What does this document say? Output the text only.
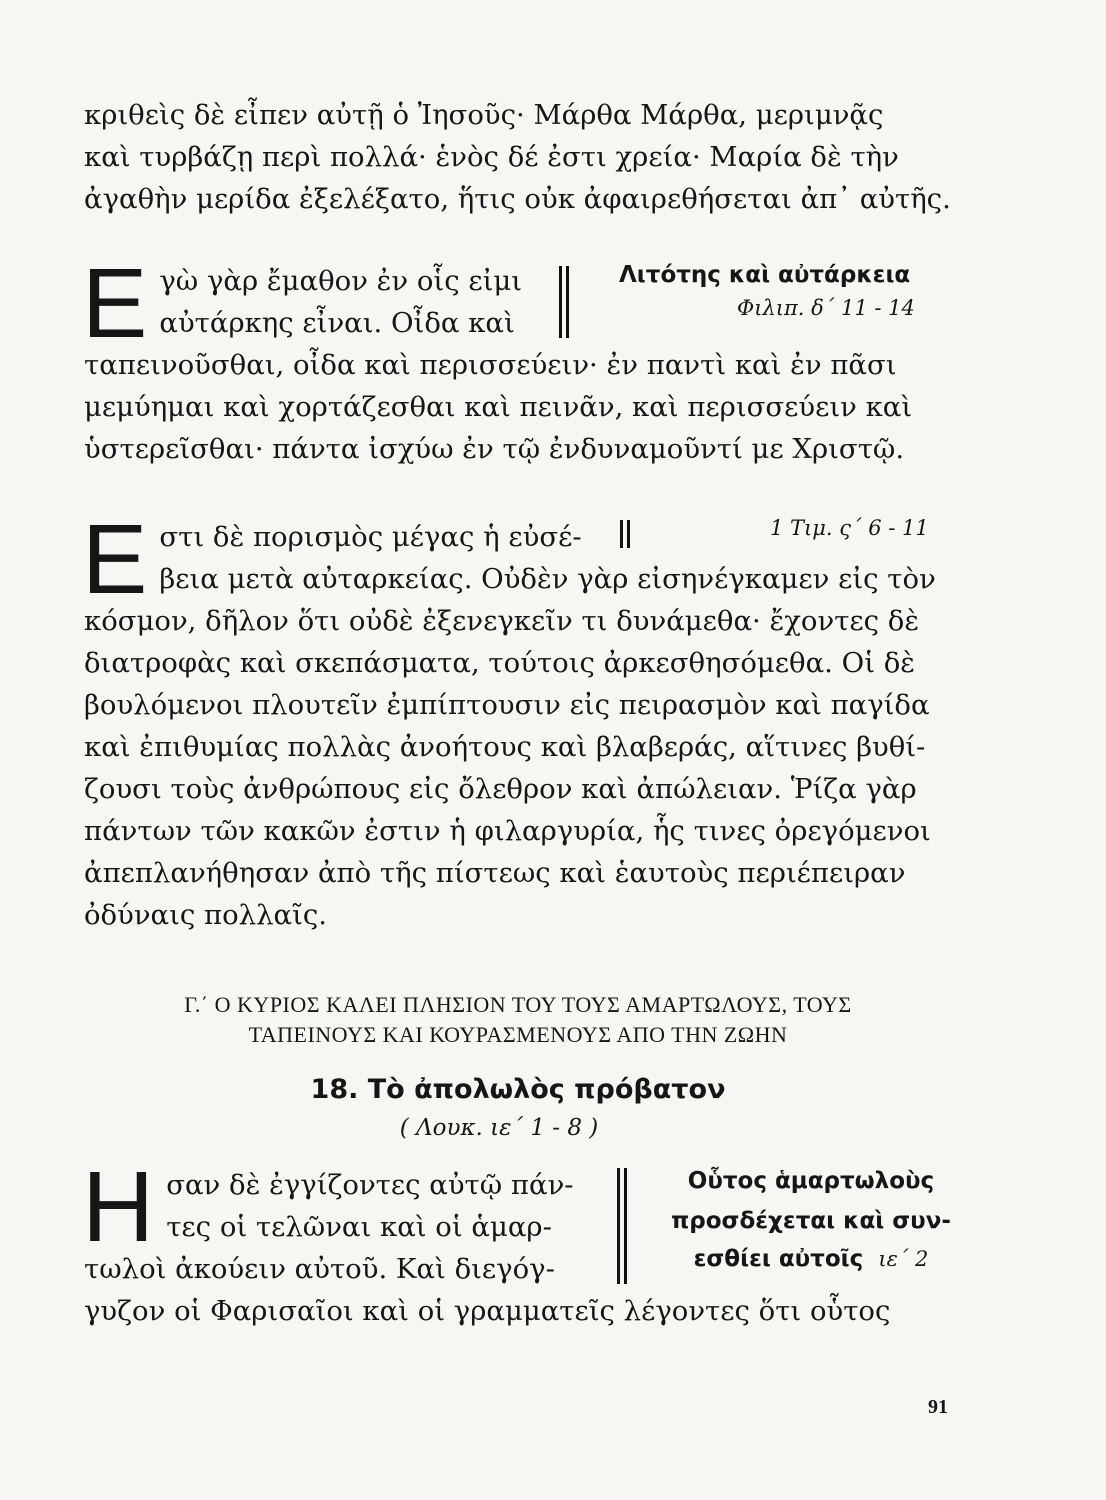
κριθεὶς δὲ εἶπεν αὐτῇ ὁ Ἰησοῦς· Μάρθα Μάρθα, μεριμνᾷς
καὶ τυρβάζῃ περὶ πολλά· ἑνὸς δέ ἐστι χρεία· Μαρία δὲ τὴν
ἀγαθὴν μερίδα ἐξελέξατο, ἥτις οὐκ ἀφαιρεθήσεται ἀπ᾽ αὐτῆς.
Ε γὼ γὰρ ἔμαθον ἐν οἷς εἰμι
αὐτάρκης εἶναι. Οἶδα καὶ
Λιτότης καὶ αὐτάρκεια
Φιλιπ. δ΄ 11 - 14
ταπεινοῦσθαι, οἶδα καὶ περισσεύειν· ἐν παντὶ καὶ ἐν πᾶσι
μεμύημαι καὶ χορτάζεσθαι καὶ πεινᾶν, καὶ περισσεύειν καὶ
ὑστερεῖσθαι· πάντα ἰσχύω ἐν τῷ ἐνδυναμοῦντί με Χριστῷ.
Ε στι δὲ πορισμὸς μέγας ἡ εὐσέ-
βεια μετὰ αὐταρκείας. Οὐδὲν γὰρ εἰσηνέγκαμεν εἰς τὸν
1 Τιμ. ς΄ 6 - 11
κόσμον, δῆλον ὅτι οὐδὲ ἐξενεγκεῖν τι δυνάμεθα· ἔχοντες δὲ
διατροφὰς καὶ σκεπάσματα, τούτοις ἀρκεσθησόμεθα. Οἱ δὲ
βουλόμενοι πλουτεῖν ἐμπίπτουσιν εἰς πειρασμὸν καὶ παγίδα
καὶ ἐπιθυμίας πολλὰς ἀνοήτους καὶ βλαβεράς, αἵτινες βυθί-
ζουσι τοὺς ἀνθρώπους εἰς ὄλεθρον καὶ ἀπώλειαν. Ῥίζα γὰρ
πάντων τῶν κακῶν ἐστιν ἡ φιλαργυρία, ἧς τινες ὀρεγόμενοι
ἀπεπλανήθησαν ἀπὸ τῆς πίστεως καὶ ἑαυτοὺς περιέπειραν
ὀδύναις πολλαῖς.
Γ.΄ Ο ΚΥΡΙΟΣ ΚΑΛΕΙ ΠΛΗΣΙΟΝ ΤΟΥ ΤΟΥΣ ΑΜΑΡΤΩΛΟΥΣ, ΤΟΥΣ
ΤΑΠΕΙΝΟΥΣ ΚΑΙ ΚΟΥΡΑΣΜΕΝΟΥΣ ΑΠΟ ΤΗΝ ΖΩΗΝ
18. Τὸ ἀπολωλὸς πρόβατον
( Λουκ. ιε΄ 1 - 8 )
Η σαν δὲ ἐγγίζοντες αὐτῷ πάν-
τες οἱ τελῶναι καὶ οἱ ἁμαρ-
τωλοὶ ἀκούειν αὐτοῦ. Καὶ διεγόγ-
Οὗτος ἁμαρτωλοὺς
προσδέχεται καὶ συν-
εσθίει αὐτοῖς ιε΄ 2
γυζον οἱ Φαρισαῖοι καὶ οἱ γραμματεῖς λέγοντες ὅτι οὗτος
91
